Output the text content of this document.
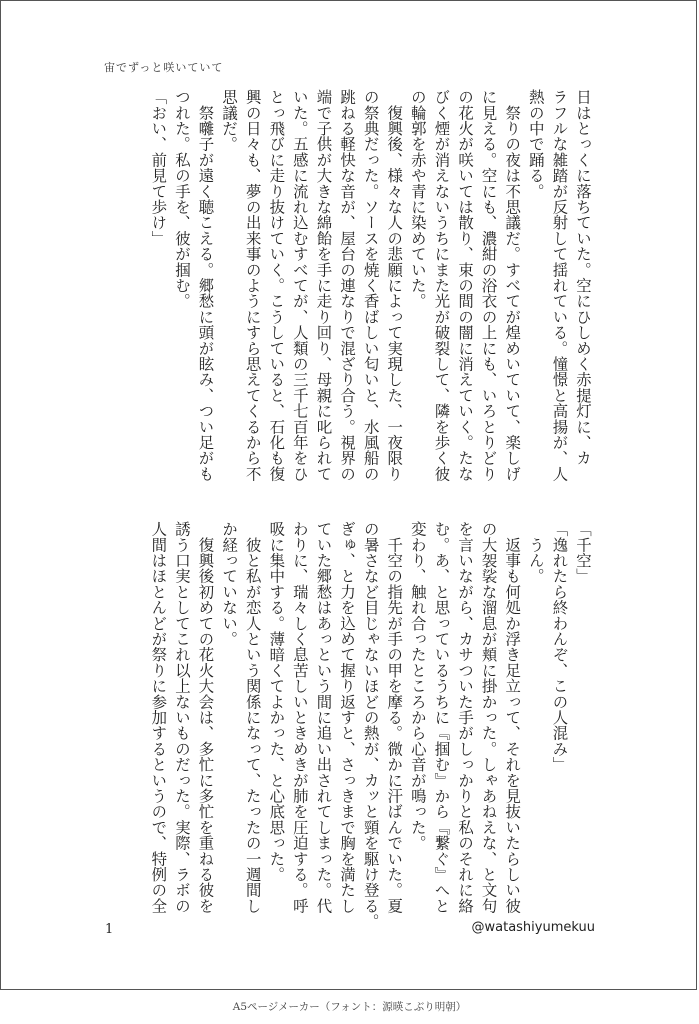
宙でずっと咲いていて

日はとっくに落ちていた。空にひしめく赤提灯に、カ

ラフルな雑踏が反射して揺れている。憧憬と高揚が、人

熱の中で踊る。

　祭りの夜は不思議だ。すべてが煌めいていて、楽しげ

に見える。空にも、濃紺の浴衣の上にも、いろとりどり

の花火が咲いては散り、束の間の闇に消えていく。たな

びく煙が消えないうちにまた光が破裂して、隣を歩く彼

の輪郭を赤や青に染めていた。

　復興後、様々な人の悲願によって実現した、一夜限り

の祭典だった。ソースを焼く香ばしい匂いと、水風船の

跳ねる軽快な音が、屋台の連なりで混ざり合う。視界の

端で子供が大きな綿飴を手に走り回り、母親に叱られて

いた。五感に流れ込むすべてが、人類の三千七百年をひ

とっ飛びに走り抜けていく。こうしていると、石化も復

興の日々も、夢の出来事のようにすら思えてくるから不

思議だ。

　祭囃子が遠く聴こえる。郷愁に頭が眩み、つい足がも

つれた。私の手を、彼が掴む。

「おい、前見て歩け」

「千空」

「逸れたら終わんぞ、この人混み」

　うん。

　返事も何処か浮き足立って、それを見抜いたらしい彼

の大袈裟な溜息が頬に掛かった。しゃあねえな、と文句

を言いながら、カサついた手がしっかりと私のそれに絡

む。あ、と思っているうちに『掴む』から『繋ぐ』へと

変わり、触れ合ったところから心音が鳴った。

　千空の指先が手の甲を摩る。微かに汗ばんでいた。夏

の暑さなど目じゃないほどの熱が、カッと頸を駆け登る。

ぎゅ、と力を込めて握り返すと、さっきまで胸を満たし

ていた郷愁はあっという間に追い出されてしまった。代

わりに、瑞々しく息苦しいときめきが肺を圧迫する。呼

吸に集中する。薄暗くてよかった、と心底思った。

　彼と私が恋人という関係になって、たったの一週間し

か経っていない。

　復興後初めての花火大会は、多忙に多忙を重ねる彼を

誘う口実としてこれ以上ないものだった。実際、ラボの

人間はほとんどが祭りに参加するというので、特例の全

1	@watashiyumekuu
A5ページメーカー（フォント：源暎こぶり明朝）
